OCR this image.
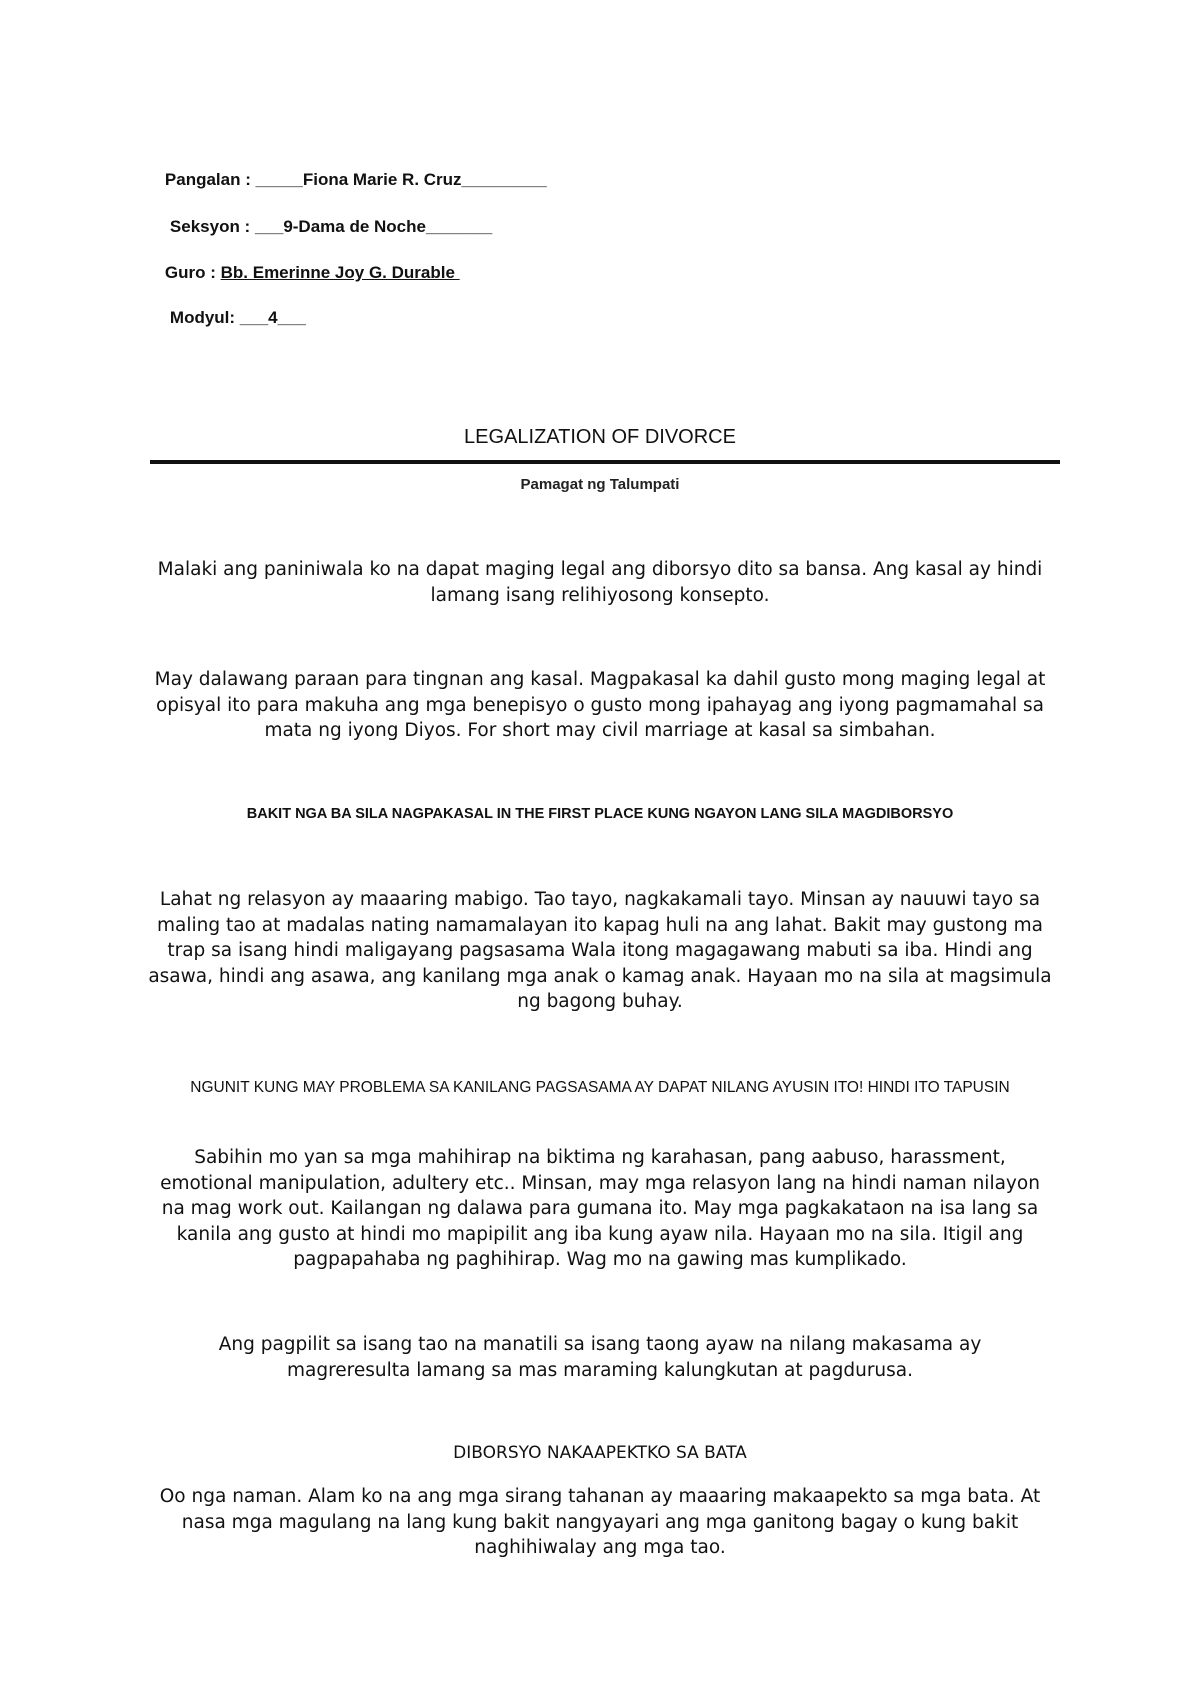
Pangalan : _____Fiona Marie R. Cruz_________

Seksyon : ___9-Dama de Noche_______

Guro : Bb. Emerinne Joy G. Durable

Modyul: ___4___

LEGALIZATION OF DIVORCE
Pamagat ng Talumpati
Malaki ang paniniwala ko na dapat maging legal ang diborsyo dito sa bansa. Ang kasal ay hindi lamang isang relihiyosong konsepto.
May dalawang paraan para tingnan ang kasal. Magpakasal ka dahil gusto mong maging legal at opisyal ito para makuha ang mga benepisyo o gusto mong ipahayag ang iyong pagmamahal sa mata ng iyong Diyos. For short may civil marriage at kasal sa simbahan.
BAKIT NGA BA SILA NAGPAKASAL IN THE FIRST PLACE KUNG NGAYON LANG SILA MAGDIBORSYO
Lahat ng relasyon ay maaaring mabigo. Tao tayo, nagkakamali tayo. Minsan ay nauuwi tayo sa maling tao at madalas nating namamalayan ito kapag huli na ang lahat. Bakit may gustong ma trap sa isang hindi maligayang pagsasama Wala itong magagawang mabuti sa iba. Hindi ang asawa, hindi ang asawa, ang kanilang mga anak o kamag anak. Hayaan mo na sila at magsimula ng bagong buhay.
NGUNIT KUNG MAY PROBLEMA SA KANILANG PAGSASAMA AY DAPAT NILANG AYUSIN ITO! HINDI ITO TAPUSIN
Sabihin mo yan sa mga mahihirap na biktima ng karahasan, pang aabuso, harassment, emotional manipulation, adultery etc.. Minsan, may mga relasyon lang na hindi naman nilayon na mag work out. Kailangan ng dalawa para gumana ito. May mga pagkakataon na isa lang sa kanila ang gusto at hindi mo mapipilit ang iba kung ayaw nila. Hayaan mo na sila. Itigil ang pagpapahaba ng paghihirap. Wag mo na gawing mas kumplikado.
Ang pagpilit sa isang tao na manatili sa isang taong ayaw na nilang makasama ay magreresulta lamang sa mas maraming kalungkutan at pagdurusa.
DIBORSYO NAKAAPEKTKO SA BATA
Oo nga naman. Alam ko na ang mga sirang tahanan ay maaaring makaapekto sa mga bata. At nasa mga magulang na lang kung bakit nangyayari ang mga ganitong bagay o kung bakit naghihiwalay ang mga tao.
